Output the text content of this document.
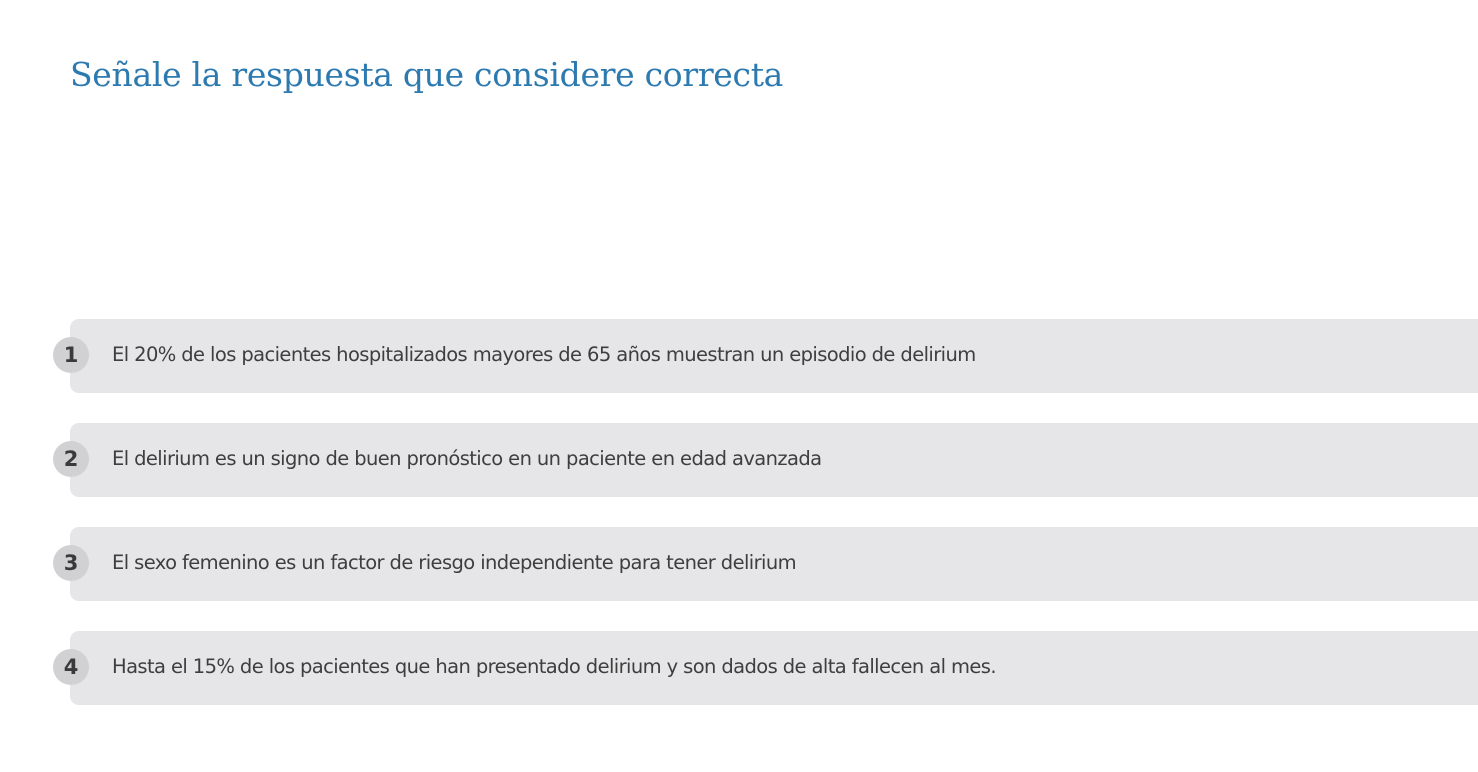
Señale la respuesta que considere correcta
1	El 20% de los pacientes hospitalizados mayores de 65 años muestran un episodio de delirium
2	El delirium es un signo de buen pronóstico en un paciente en edad avanzada
3	El sexo femenino es un factor de riesgo independiente para tener delirium
4	Hasta el 15% de los pacientes que han presentado delirium y son dados de alta fallecen al mes.
